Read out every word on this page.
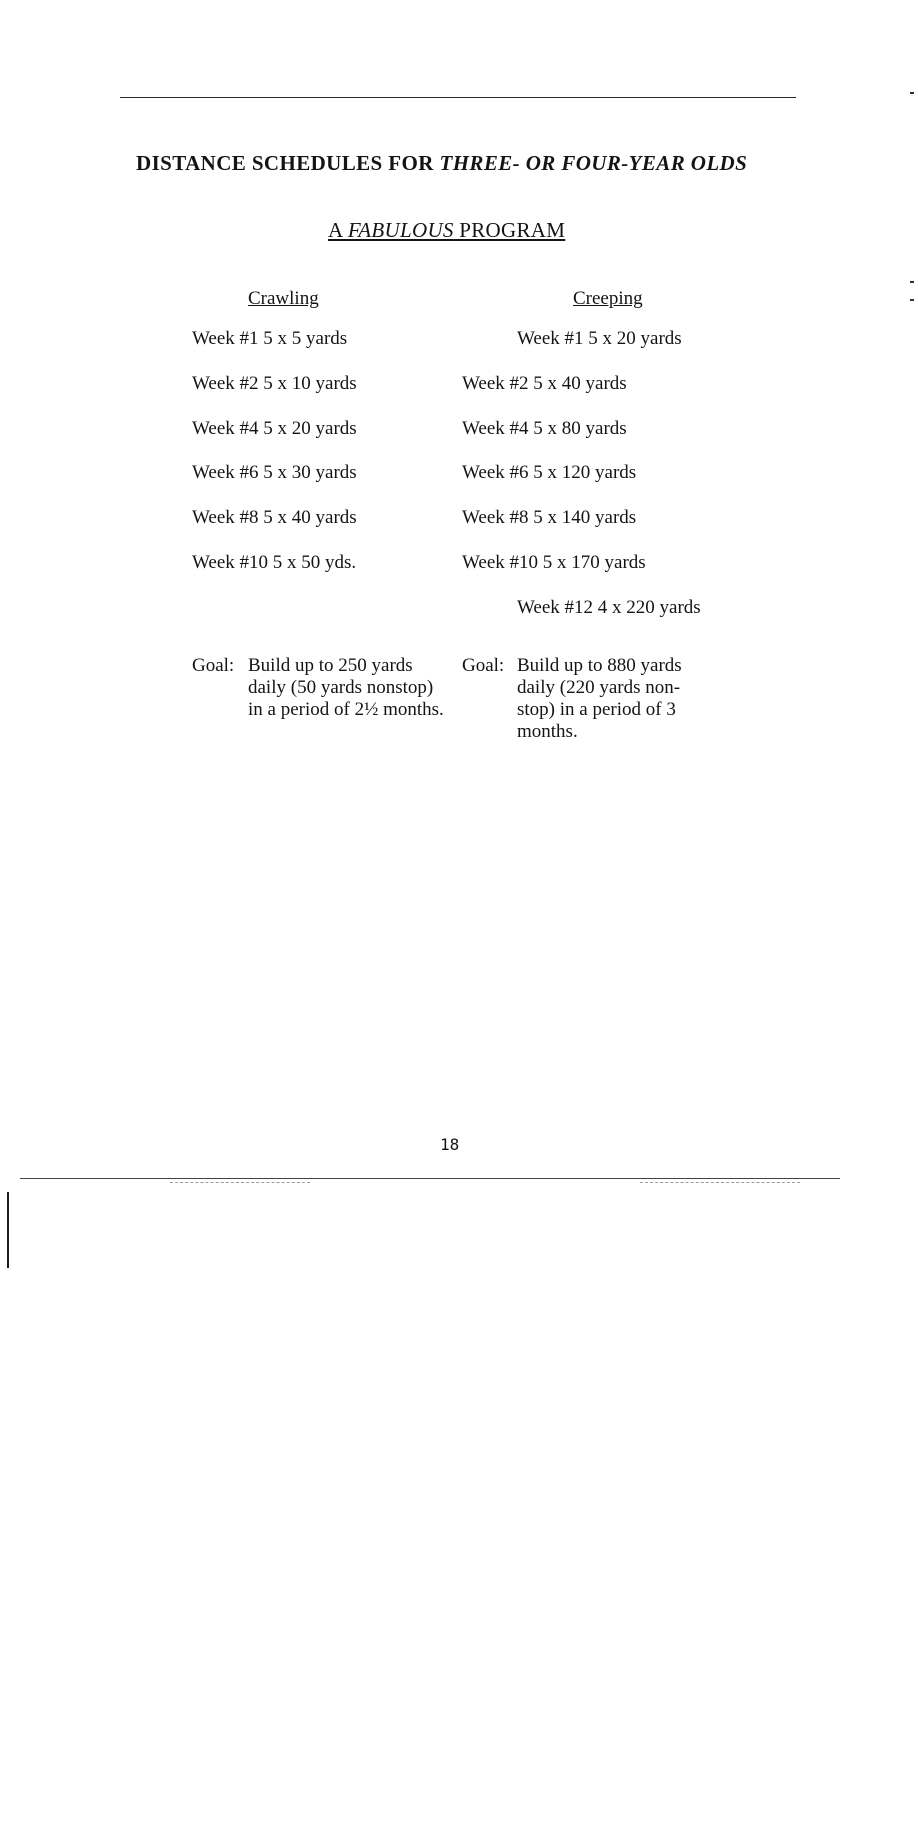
DISTANCE SCHEDULES FOR THREE- OR FOUR-YEAR OLDS
A FABULOUS PROGRAM
Crawling	Creeping
Week #1 5 x 5 yards
Week #2 5 x 10 yards
Week #4 5 x 20 yards
Week #6 5 x 30 yards
Week #8 5 x 40 yards
Week #10 5 x 50 yds.
Week #1 5 x 20 yards
Week #2 5 x 40 yards
Week #4 5 x 80 yards
Week #6 5 x 120 yards
Week #8 5 x 140 yards
Week #10 5 x 170 yards
Week #12 4 x 220 yards
Goal: Build up to 250 yards
daily (50 yards nonstop)
in a period of 2½ months.
Goal: Build up to 880 yards
daily (220 yards non-
stop) in a period of 3
months.
18
